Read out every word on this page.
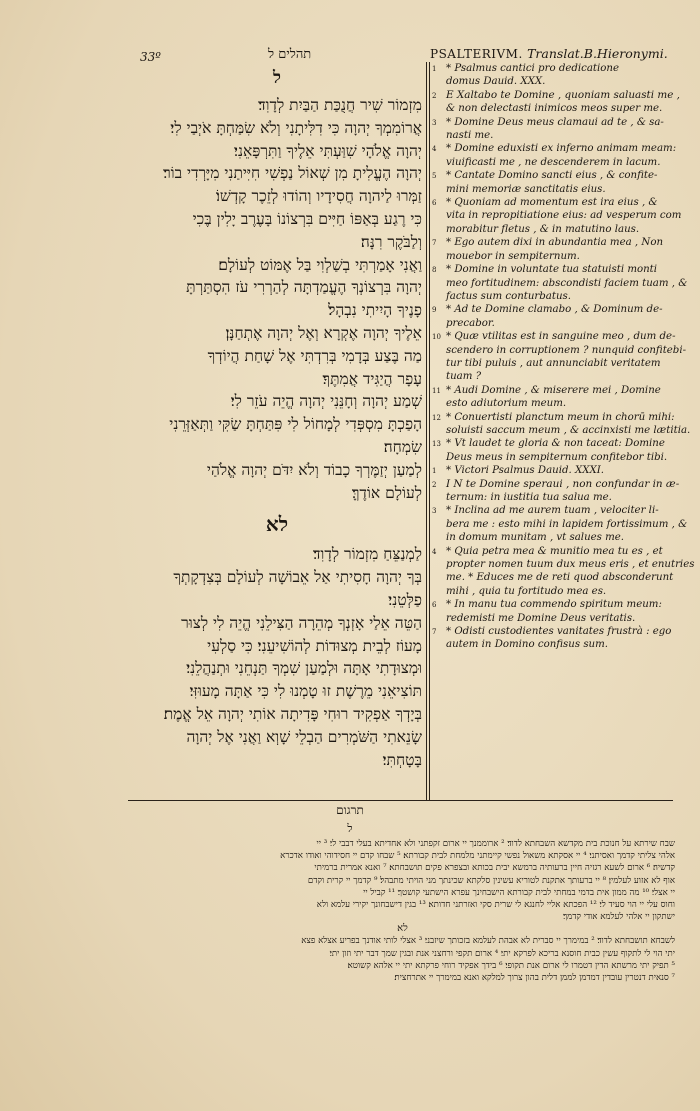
33º	תהלים ל	PSALTERIVM. Translat.B.Hieronymi.
ל
מִזְמוֹר שִׁיר חֲנֻכַּת הַבַּיִת לְדָוִד׃
אֲרוֹמִמְךָ יְהוָה כִּי דִלִּיתָנִי וְלֹא שִׂמַּחְתָּ אֹיְבַי לִי׃
יְהוָה אֱלֹהָי שִׁוַּעְתִּי אֵלֶיךָ וַתִּרְפָּאֵנִי׃
יְהוָה הֶעֱלִיתָ מִן שְׁאוֹל נַפְשִׁי חִיִּיתַנִי מִיָּרְדִי בוֹר׃
זַמְּרוּ לַיהוָה חֲסִידָיו וְהוֹדוּ לְזֵכֶר קָדְשׁוֹ׃
כִּי רֶגַע בְּאַפּוֹ חַיִּים בִּרְצוֹנוֹ בָּעֶרֶב יָלִין בֶּכִי
וְלַבֹּקֶר רִנָּה׃
וַאֲנִי אָמַרְתִּי בְשַׁלְוִי בַּל אֶמּוֹט לְעוֹלָם׃
יְהוָה בִּרְצוֹנְךָ הֶעֱמַדְתָּה לְהַרְרִי עֹז הִסְתַּרְתָּ
פָנֶיךָ הָיִיתִי נִבְהָל׃
אֵלֶיךָ יְהוָה אֶקְרָא וְאֶל יְהוָה אֶתְחַנָּן׃
מַה בֶּצַע בְּדָמִי בְּרִדְתִּי אֶל שָׁחַת הֲיוֹדְךָ
עָפָר הֲיַגִּיד אֲמִתֶּךָ׃
שְׁמַע יְהוָה וְחָנֵּנִי יְהוָה הֱיֵה עֹזֵר לִי׃
הָפַכְתָּ מִסְפְּדִי לְמָחוֹל לִי פִּתַּחְתָּ שַׂקִּי וַתְּאַזְּרֵנִי
שִׂמְחָה׃
לְמַעַן יְזַמֶּרְךָ כָבוֹד וְלֹא יִדֹּם יְהוָה אֱלֹהַי
לְעוֹלָם אוֹדֶךָּ׃
לא
לַמְנַצֵּחַ מִזְמוֹר לְדָוִד׃
בְּךָ יְהוָה חָסִיתִי אַל אֵבוֹשָׁה לְעוֹלָם בְּצִדְקָתְךָ
פַלְּטֵנִי׃
הַטֵּה אֵלַי אָזְנְךָ מְהֵרָה הַצִּילֵנִי הֱיֵה לִי לְצוּר
מָעוֹז לְבֵית מְצוּדוֹת לְהוֹשִׁיעֵנִי׃ כִּי סַלְעִי
וּמְצוּדָתִי אָתָּה וּלְמַעַן שִׁמְךָ תַּנְחֵנִי וּתְנַהֲלֵנִי׃
תּוֹצִיאֵנִי מֵרֶשֶׁת זוּ טָמְנוּ לִי כִּי אַתָּה מָעוּזִּי׃
בְּיָדְךָ אַפְקִיד רוּחִי פָּדִיתָה אוֹתִי יְהוָה אֵל אֱמֶת׃
שָׂנֵאתִי הַשֹּׁמְרִים הַבְלֵי שָׁוְא וַאֲנִי אֶל יְהוָה
בָּטָחְתִּי׃
1 * Psalmus cantici pro dedicatione
domus Dauid. XXX.
2 E Xaltabo te Domine , quoniam saluasti me ,
& non delectasti inimicos meos super me.
3 * Domine Deus meus clamaui ad te , & sa-
nasti me.
4 * Domine eduxisti ex inferno animam meam:
viuificasti me , ne descenderem in lacum.
5 * Cantate Domino sancti eius , & confite-
mini memoriæ sanctitatis eius.
6 * Quoniam ad momentum est ira eius , &
vita in repropitiatione eius: ad vesperum com
morabitur fletus , & in matutino laus.
7 * Ego autem dixi in abundantia mea , Non
mouebor in sempiternum.
8 * Domine in voluntate tua statuisti monti
meo fortitudinem: abscondisti faciem tuam , &
factus sum conturbatus.
9 * Ad te Domine clamabo , & Dominum de-
precabor.
10 * Quæ vtilitas est in sanguine meo , dum de-
scendero in corruptionem ? nunquid confitebi-
tur tibi puluis , aut annunciabit veritatem
tuam ?
11 * Audi Domine , & miserere mei , Domine
esto adiutorium meum.
12 * Conuertisti planctum meum in chorū mihi:
soluisti saccum meum , & accinxisti me lætitia.
13 * Vt laudet te gloria & non taceat: Domine
Deus meus in sempiternum confitebor tibi.
1 * Victori Psalmus Dauid. XXXI.
2 I N te Domine speraui , non confundar in æ-
ternum: in iustitia tua salua me.
3 * Inclina ad me aurem tuam , velociter li-
bera me : esto mihi in lapidem fortissimum , &
in domum munitam , vt salues me.
4 * Quia petra mea & munitio mea tu es , et
propter nomen tuum dux meus eris , et enutries
me. * Educes me de reti quod absconderunt
mihi , quia tu fortitudo mea es.
6 * In manu tua commendo spiritum meum:
redemisti me Domine Deus veritatis.
7 * Odisti custodientes vanitates frustrà : ego
autem in Domino confisus sum.
תרגום
ל
שבח שירתא על חנוכת בית מקדשא השבחתא לדוד׃ ² ארוממנך יי ארום זקפתני ולא אחדיתא בעלי דבבי לי׃ ³ יי
אלהי צליתי קדמך ואסיתני׃ ⁴ יי אסקתא משאול נפשי קיימתני מלמחת לבית קבורתא׃ ⁵ שבחו קדם יי חסידוהי ואודו אדכרא
קדשיה׃ ⁶ ארום לשעא רגזיה חיין ברעותיה ברמשא יבית בכותא ובצפרא פקים תושבחתא׃ ⁷ ואנא אמרית ברמיתי
אוף לא אזוע לעלמין׃ ⁸ יי ברעותך אתקנת לטוריא עשינין סלקתא שכינתך מני הויתי מתבהל׃ ⁹ קדמך יי קרית וקדם
יי אצלי׃ ¹⁰ מה ממון אית בדמי במחתי לבית קבורתא הישבחינך עפרא הישתעי קושטך׃ ¹¹ קביל יי
וחוס עלי יי הוי סעיד לי׃ ¹² הפכתא אליי לחנגא לי שרית סקי ואזרתני חדותא׃ ¹³ בגין דישבחונך יקירי עלמא ולא
ישתקון יי אלהי לעלמא אודי קדמך׃
לא
לשבחא תושבחתא לדוד׃ ² במימרך יי סברית לא אבהת לעלמא בזכותך שיזבני׃ ³ אצלי לותי אודנך בפריע אצלא פצא
יתי הוי לי לתקוף עשין כבית חוסנא בריכא לפרקא יתי׃ ⁴ ארום תקפי ורחצני אנת ובגין שמך דבר יתי וזון יתי׃
⁵ תפיק יתי מרשתא הדין דטמרו לי ארום אנת תקופי׃ ⁶ בידך אפקיד רוחי פרקתא יתי יי אלהא קשוטא׃
⁷ סנאית דנטרין עובדין דמדמן לממן דלית בהון צרוך למלקא ואנא במימרך יי אתרחצית׃
